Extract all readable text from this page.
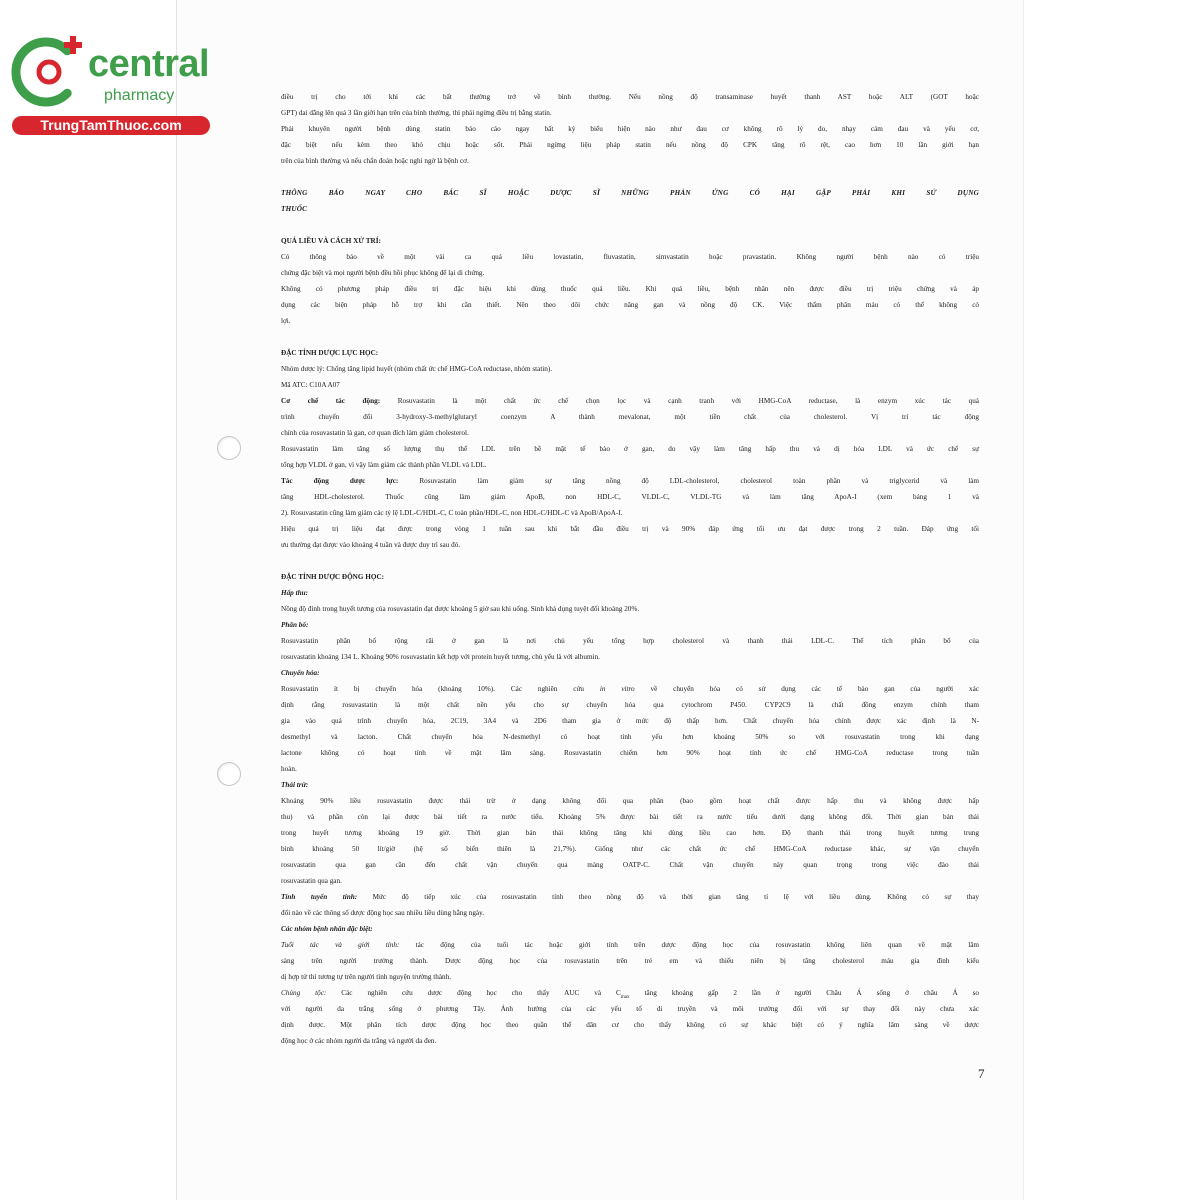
central
pharmacy
TrungTamThuoc.com
điều trị cho tới khi các bất thường trở về bình thường. Nếu nồng độ transaminase huyết thanh AST hoặc ALT (GOT hoặc
GPT) dai dẳng lên quá 3 lần giới hạn trên của bình thường, thì phải ngừng điều trị bằng statin.
Phải khuyên người bệnh dùng statin báo cáo ngay bất kỳ biểu hiện nào như đau cơ không rõ lý do, nhạy cảm đau và yếu cơ,
đặc biệt nếu kèm theo khó chịu hoặc sốt. Phải ngừng liệu pháp statin nếu nồng độ CPK tăng rõ rệt, cao hơn 10 lần giới hạn
trên của bình thường và nếu chẩn đoán hoặc nghi ngờ là bệnh cơ.
THÔNG BÁO NGAY CHO BÁC SĨ HOẶC DƯỢC SĨ NHỮNG PHẢN ỨNG CÓ HẠI GẶP PHẢI KHI SỬ DỤNG
THUỐC
QUÁ LIỀU VÀ CÁCH XỬ TRÍ:
Có thông báo về một vài ca quá liều lovastatin, fluvastatin, simvastatin hoặc pravastatin. Không người bệnh nào có triệu
chứng đặc biệt và mọi người bệnh đều hồi phục không để lại di chứng.
Không có phương pháp điều trị đặc hiệu khi dùng thuốc quá liều. Khi quá liều, bệnh nhân nên được điều trị triệu chứng và áp
dụng các biện pháp hỗ trợ khi cần thiết. Nên theo dõi chức năng gan và nồng độ CK. Việc thẩm phân máu có thể không có
lợi.
ĐẶC TÍNH DƯỢC LỰC HỌC:
Nhóm dược lý: Chống tăng lipid huyết (nhóm chất ức chế HMG-CoA reductase, nhóm statin).
Mã ATC: C10A A07
Cơ chế tác động: Rosuvastatin là một chất ức chế chọn lọc và cạnh tranh với HMG-CoA reductase, là enzym xúc tác quá
trình chuyển đổi 3-hydroxy-3-methylglutaryl coenzym A thành mevalonat, một tiền chất của cholesterol. Vị trí tác động
chính của rosuvastatin là gan, cơ quan đích làm giảm cholesterol.
Rosuvastatin làm tăng số lượng thụ thể LDL trên bề mặt tế bào ở gan, do vậy làm tăng hấp thu và dị hóa LDL và ức chế sự
tổng hợp VLDL ở gan, vì vậy làm giảm các thành phần VLDL và LDL.
Tác động dược lực: Rosuvastatin làm giảm sự tăng nồng độ LDL-cholesterol, cholesterol toàn phần và triglycerid và làm
tăng HDL-cholesterol. Thuốc cũng làm giảm ApoB, non HDL-C, VLDL-C, VLDL-TG và làm tăng ApoA-I (xem bảng 1 và
2). Rosuvastatin cũng làm giảm các tỷ lệ LDL-C/HDL-C, C toàn phần/HDL-C, non HDL-C/HDL-C và ApoB/ApoA-I.
Hiệu quả trị liệu đạt được trong vòng 1 tuần sau khi bắt đầu điều trị và 90% đáp ứng tối ưu đạt được trong 2 tuần. Đáp ứng tối
ưu thường đạt được vào khoảng 4 tuần và được duy trì sau đó.
ĐẶC TÍNH DƯỢC ĐỘNG HỌC:
Hấp thu:
Nồng độ đỉnh trong huyết tương của rosuvastatin đạt được khoảng 5 giờ sau khi uống. Sinh khả dụng tuyệt đối khoảng 20%.
Phân bố:
Rosuvastatin phân bố rộng rãi ở gan là nơi chủ yếu tổng hợp cholesterol và thanh thải LDL-C. Thể tích phân bố của
rosuvastatin khoảng 134 L. Khoảng 90% rosuvastatin kết hợp với protein huyết tương, chủ yếu là với albumin.
Chuyển hóa:
Rosuvastatin ít bị chuyển hóa (khoảng 10%). Các nghiên cứu in vitro về chuyển hóa có sử dụng các tế bào gan của người xác
định rằng rosuvastatin là một chất nền yếu cho sự chuyển hóa qua cytochrom P450. CYP2C9 là chất đồng enzym chính tham
gia vào quá trình chuyển hóa, 2C19, 3A4 và 2D6 tham gia ở mức độ thấp hơn. Chất chuyển hóa chính được xác định là N-
desmethyl và lacton. Chất chuyển hóa N-desmethyl có hoạt tính yếu hơn khoảng 50% so với rosuvastatin trong khi dạng
lactone không có hoạt tính về mặt lâm sàng. Rosuvastatin chiếm hơn 90% hoạt tính ức chế HMG-CoA reductase trong tuần
hoàn.
Thải trừ:
Khoảng 90% liều rosuvastatin được thải trừ ở dạng không đổi qua phân (bao gồm hoạt chất được hấp thu và không được hấp
thu) và phần còn lại được bài tiết ra nước tiểu. Khoảng 5% được bài tiết ra nước tiểu dưới dạng không đổi. Thời gian bán thải
trong huyết tương khoảng 19 giờ. Thời gian bán thải không tăng khi dùng liều cao hơn. Độ thanh thải trong huyết tương trung
bình khoảng 50 lít/giờ (hệ số biến thiên là 21,7%). Giống như các chất ức chế HMG-CoA reductase khác, sự vận chuyển
rosuvastatin qua gan cần đến chất vận chuyển qua màng OATP-C. Chất vận chuyển này quan trọng trong việc đào thải
rosuvastatin qua gan.
Tính tuyến tính: Mức độ tiếp xúc của rosuvastatin tính theo nồng độ và thời gian tăng tỉ lệ với liều dùng. Không có sự thay
đổi nào về các thông số dược động học sau nhiều liều dùng hằng ngày.
Các nhóm bệnh nhân đặc biệt:
Tuổi tác và giới tính: tác động của tuổi tác hoặc giới tính trên dược động học của rosuvastatin không liên quan về mặt lâm
sàng trên người trưởng thành. Dược động học của rosuvastatin trên trẻ em và thiếu niên bị tăng cholesterol máu gia đình kiểu
dị hợp tử thì tương tự trên người tình nguyện trưởng thành.
Chủng tộc: Các nghiên cứu dược động học cho thấy AUC và $C_{max}$ tăng khoảng gấp 2 lần ở người Châu Á sống ở châu Á so
với người da trắng sống ở phương Tây. Ảnh hưởng của các yếu tố di truyền và môi trường đối với sự thay đổi này chưa xác
định được. Một phân tích dược động học theo quần thể dân cư cho thấy không có sự khác biệt có ý nghĩa lâm sàng về dược
động học ở các nhóm người da trắng và người da đen.
7
